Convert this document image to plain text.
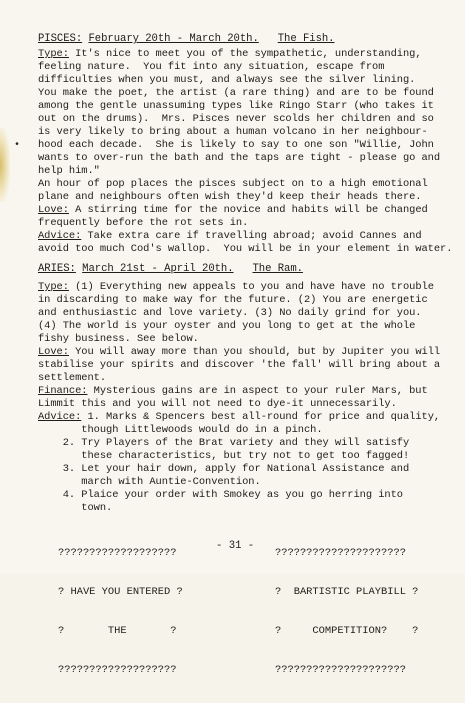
•
PISCES: February 20th - March 20th. The Fish.
Type: It's nice to meet you of the sympathetic, understanding,
feeling nature.  You fit into any situation, escape from
difficulties when you must, and always see the silver lining.
You make the poet, the artist (a rare thing) and are to be found
among the gentle unassuming types like Ringo Starr (who takes it
out on the drums).  Mrs. Pisces never scolds her children and so
is very likely to bring about a human volcano in her neighbour-
hood each decade.  She is likely to say to one son "Willie, John
wants to over-run the bath and the taps are tight - please go and
help him."
An hour of pop places the pisces subject on to a high emotional
plane and neighbours often wish they'd keep their heads there.
Love: A stirring time for the novice and habits will be changed
frequently before the rot sets in.
Advice: Take extra care if travelling abroad; avoid Cannes and
avoid too much Cod's wallop.  You will be in your element in water.
ARIES: March 21st - April 20th. The Ram.
Type: (1) Everything new appeals to you and have have no trouble
in discarding to make way for the future. (2) You are energetic
and enthusiastic and love variety. (3) No daily grind for you.
(4) The world is your oyster and you long to get at the whole
fishy business. See below.
Love: You will away more than you should, but by Jupiter you will
stabilise your spirits and discover 'the fall' will bring about a
settlement.
Finance: Mysterious gains are in aspect to your ruler Mars, but
Limmit this and you will not need to dye-it unnecessarily.
Advice: 1. Marks & Spencers best all-round for price and quality,
though Littlewoods would do in a pinch.
2. Try Players of the Brat variety and they will satisfy
these characteristics, but try not to get too fagged!
3. Let your hair down, apply for National Assistance and
march with Auntie-Convention.
4. Plaice your order with Smokey as you go herring into
town.

???????????????????

? HAVE YOU ENTERED ?

?       THE       ?

???????????????????

- 31 -

?????????????????????

?  BARTISTIC PLAYBILL ?

?     COMPETITION?    ?

?????????????????????
